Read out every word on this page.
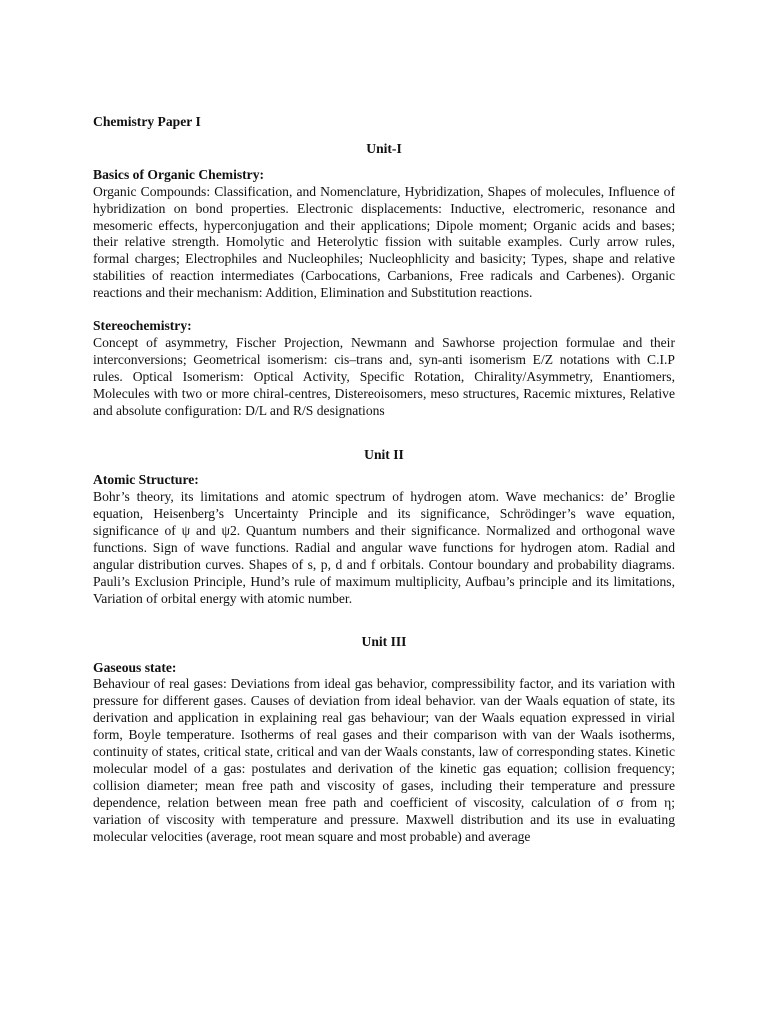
Chemistry Paper I

Unit-I

Basics of Organic Chemistry:

Organic Compounds: Classification, and Nomenclature, Hybridization, Shapes of molecules, Influence of hybridization on bond properties. Electronic displacements: Inductive, electromeric, resonance and mesomeric effects, hyperconjugation and their applications; Dipole moment; Organic acids and bases; their relative strength. Homolytic and Heterolytic fission with suitable examples. Curly arrow rules, formal charges; Electrophiles and Nucleophiles; Nucleophlicity and basicity; Types, shape and relative stabilities of reaction intermediates (Carbocations, Carbanions, Free radicals and Carbenes). Organic reactions and their mechanism: Addition, Elimination and Substitution reactions.

Stereochemistry:

Concept of asymmetry, Fischer Projection, Newmann and Sawhorse projection formulae and their interconversions; Geometrical isomerism: cis–trans and, syn-anti isomerism E/Z notations with C.I.P rules. Optical Isomerism: Optical Activity, Specific Rotation, Chirality/Asymmetry, Enantiomers, Molecules with two or more chiral-centres, Distereoisomers, meso structures, Racemic mixtures, Relative and absolute configuration: D/L and R/S designations

Unit II

Atomic Structure:

Bohr’s theory, its limitations and atomic spectrum of hydrogen atom. Wave mechanics: de’ Broglie equation, Heisenberg’s Uncertainty Principle and its significance, Schrödinger’s wave equation, significance of ψ and ψ2. Quantum numbers and their significance. Normalized and orthogonal wave functions. Sign of wave functions. Radial and angular wave functions for hydrogen atom. Radial and angular distribution curves. Shapes of s, p, d and f orbitals. Contour boundary and probability diagrams. Pauli’s Exclusion Principle, Hund’s rule of maximum multiplicity, Aufbau’s principle and its limitations, Variation of orbital energy with atomic number.

Unit III

Gaseous state:

Behaviour of real gases: Deviations from ideal gas behavior, compressibility factor, and its variation with pressure for different gases. Causes of deviation from ideal behavior. van der Waals equation of state, its derivation and application in explaining real gas behaviour; van der Waals equation expressed in virial form, Boyle temperature. Isotherms of real gases and their comparison with van der Waals isotherms, continuity of states, critical state, critical and van der Waals constants, law of corresponding states. Kinetic molecular model of a gas: postulates and derivation of the kinetic gas equation; collision frequency; collision diameter; mean free path and viscosity of gases, including their temperature and pressure dependence, relation between mean free path and coefficient of viscosity, calculation of σ from η; variation of viscosity with temperature and pressure. Maxwell distribution and its use in evaluating molecular velocities (average, root mean square and most probable) and average
